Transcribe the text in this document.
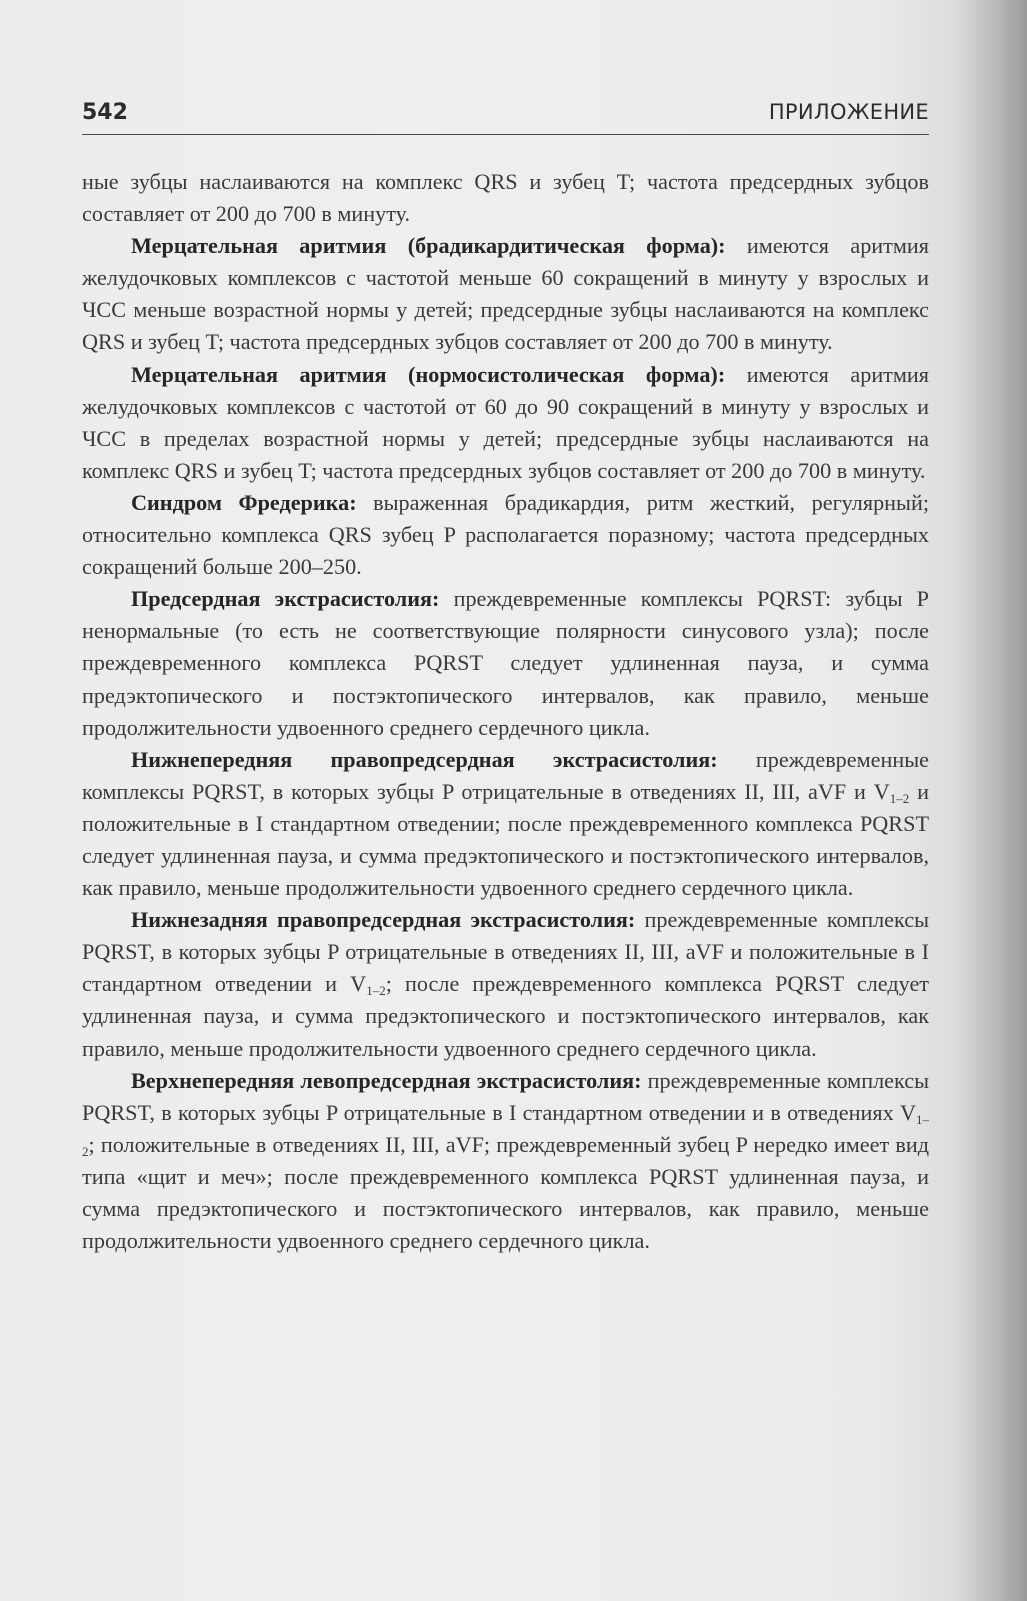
542	ПРИЛОЖЕНИЕ

ные зубцы наслаиваются на комплекс QRS и зубец T; частота предсердных зубцов составляет от 200 до 700 в минуту.

Мерцательная аритмия (брадикардитическая форма): имеются аритмия желудочковых комплексов с частотой меньше 60 сокращений в минуту у взрослых и ЧСС меньше возрастной нормы у детей; предсердные зубцы наслаиваются на комплекс QRS и зубец T; частота предсердных зубцов составляет от 200 до 700 в минуту.

Мерцательная аритмия (нормосистолическая форма): имеются аритмия желудочковых комплексов с частотой от 60 до 90 сокращений в минуту у взрослых и ЧСС в пределах возрастной нормы у детей; предсердные зубцы наслаиваются на комплекс QRS и зубец T; частота предсердных зубцов составляет от 200 до 700 в минуту.

Синдром Фредерика: выраженная брадикардия, ритм жесткий, регулярный; относительно комплекса QRS зубец P располагается поразному; частота предсердных сокращений больше 200–250.

Предсердная экстрасистолия: преждевременные комплексы PQRST: зубцы P ненормальные (то есть не соответствующие полярности синусового узла); после преждевременного комплекса PQRST следует удлиненная пауза, и сумма предэктопического и постэктопического интервалов, как правило, меньше продолжительности удвоенного среднего сердечного цикла.

Нижнепередняя правопредсердная экстрасистолия: преждевременные комплексы PQRST, в которых зубцы P отрицательные в отведениях II, III, aVF и $V_{1-2}$ и положительные в I стандартном отведении; после преждевременного комплекса PQRST следует удлиненная пауза, и сумма предэктопического и постэктопического интервалов, как правило, меньше продолжительности удвоенного среднего сердечного цикла.

Нижнезадняя правопредсердная экстрасистолия: преждевременные комплексы PQRST, в которых зубцы P отрицательные в отведениях II, III, aVF и положительные в I стандартном отведении и $V_{1-2}$; после преждевременного комплекса PQRST следует удлиненная пауза, и сумма предэктопического и постэктопического интервалов, как правило, меньше продолжительности удвоенного среднего сердечного цикла.

Верхнепередняя левопредсердная экстрасистолия: преждевременные комплексы PQRST, в которых зубцы P отрицательные в I стандартном отведении и в отведениях $V_{1-2}$; положительные в отведениях II, III, aVF; преждевременный зубец P нередко имеет вид типа «щит и меч»; после преждевременного комплекса PQRST удлиненная пауза, и сумма предэктопического и постэктопического интервалов, как правило, меньше продолжительности удвоенного среднего сердечного цикла.
